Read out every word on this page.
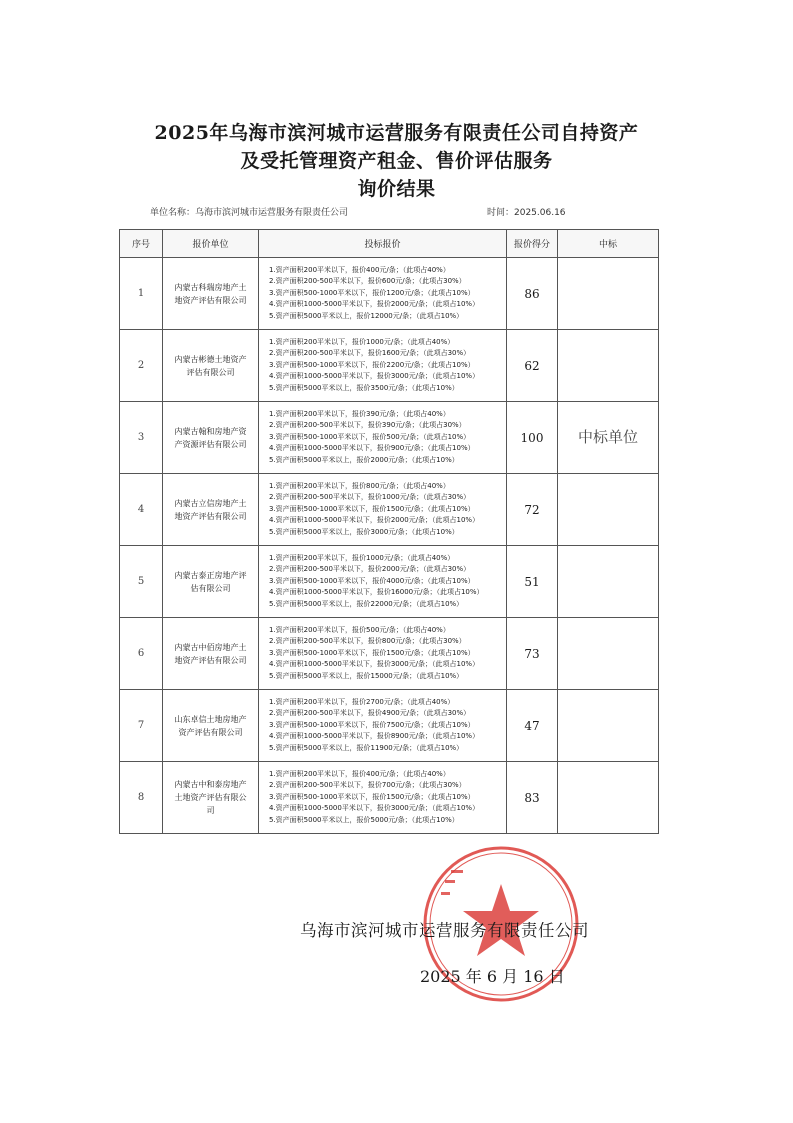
2025年乌海市滨河城市运营服务有限责任公司自持资产
及受托管理资产租金、售价评估服务
询价结果
单位名称：乌海市滨河城市运营服务有限责任公司	时间：2025.06.16
序号	报价单位	投标报价	报价得分	中标
1	内蒙古科瑞房地产土地资产评估有限公司	1.资产面积200平米以下，报价400元/条；（此项占40%）
2.资产面积200-500平米以下，报价600元/条；（此项占30%）
3.资产面积500-1000平米以下，报价1200元/条；（此项占10%）
4.资产面积1000-5000平米以下，报价2000元/条；（此项占10%）
5.资产面积5000平米以上，报价12000元/条；（此项占10%）	86	
2	内蒙古彬德土地资产评估有限公司	1.资产面积200平米以下，报价1000元/条；（此项占40%）
2.资产面积200-500平米以下，报价1600元/条；（此项占30%）
3.资产面积500-1000平米以下，报价2200元/条；（此项占10%）
4.资产面积1000-5000平米以下，报价3000元/条；（此项占10%）
5.资产面积5000平米以上，报价3500元/条；（此项占10%）	62	
3	内蒙古翰和房地产资产资源评估有限公司	1.资产面积200平米以下，报价390元/条；（此项占40%）
2.资产面积200-500平米以下，报价390元/条；（此项占30%）
3.资产面积500-1000平米以下，报价500元/条；（此项占10%）
4.资产面积1000-5000平米以下，报价900元/条；（此项占10%）
5.资产面积5000平米以上，报价2000元/条；（此项占10%）	100	中标单位
4	内蒙古立信房地产土地资产评估有限公司	1.资产面积200平米以下，报价800元/条；（此项占40%）
2.资产面积200-500平米以下，报价1000元/条；（此项占30%）
3.资产面积500-1000平米以下，报价1500元/条；（此项占10%）
4.资产面积1000-5000平米以下，报价2000元/条；（此项占10%）
5.资产面积5000平米以上，报价3000元/条；（此项占10%）	72	
5	内蒙古泰正房地产评估有限公司	1.资产面积200平米以下，报价1000元/条；（此项占40%）
2.资产面积200-500平米以下，报价2000元/条；（此项占30%）
3.资产面积500-1000平米以下，报价4000元/条；（此项占10%）
4.资产面积1000-5000平米以下，报价16000元/条；（此项占10%）
5.资产面积5000平米以上，报价22000元/条；（此项占10%）	51	
6	内蒙古中佰房地产土地资产评估有限公司	1.资产面积200平米以下，报价500元/条；（此项占40%）
2.资产面积200-500平米以下，报价800元/条；（此项占30%）
3.资产面积500-1000平米以下，报价1500元/条；（此项占10%）
4.资产面积1000-5000平米以下，报价3000元/条；（此项占10%）
5.资产面积5000平米以上，报价15000元/条；（此项占10%）	73	
7	山东卓信土地房地产资产评估有限公司	1.资产面积200平米以下，报价2700元/条；（此项占40%）
2.资产面积200-500平米以下，报价4900元/条；（此项占30%）
3.资产面积500-1000平米以下，报价7500元/条；（此项占10%）
4.资产面积1000-5000平米以下，报价8900元/条；（此项占10%）
5.资产面积5000平米以上，报价11900元/条；（此项占10%）	47	
8	内蒙古中和泰房地产土地资产评估有限公司	1.资产面积200平米以下，报价400元/条；（此项占40%）
2.资产面积200-500平米以下，报价700元/条；（此项占30%）
3.资产面积500-1000平米以下，报价1500元/条；（此项占10%）
4.资产面积1000-5000平米以下，报价3000元/条；（此项占10%）
5.资产面积5000平米以上，报价5000元/条；（此项占10%）	83	
乌海市滨河城市运营服务有限责任公司
2025 年 6 月 16 日
